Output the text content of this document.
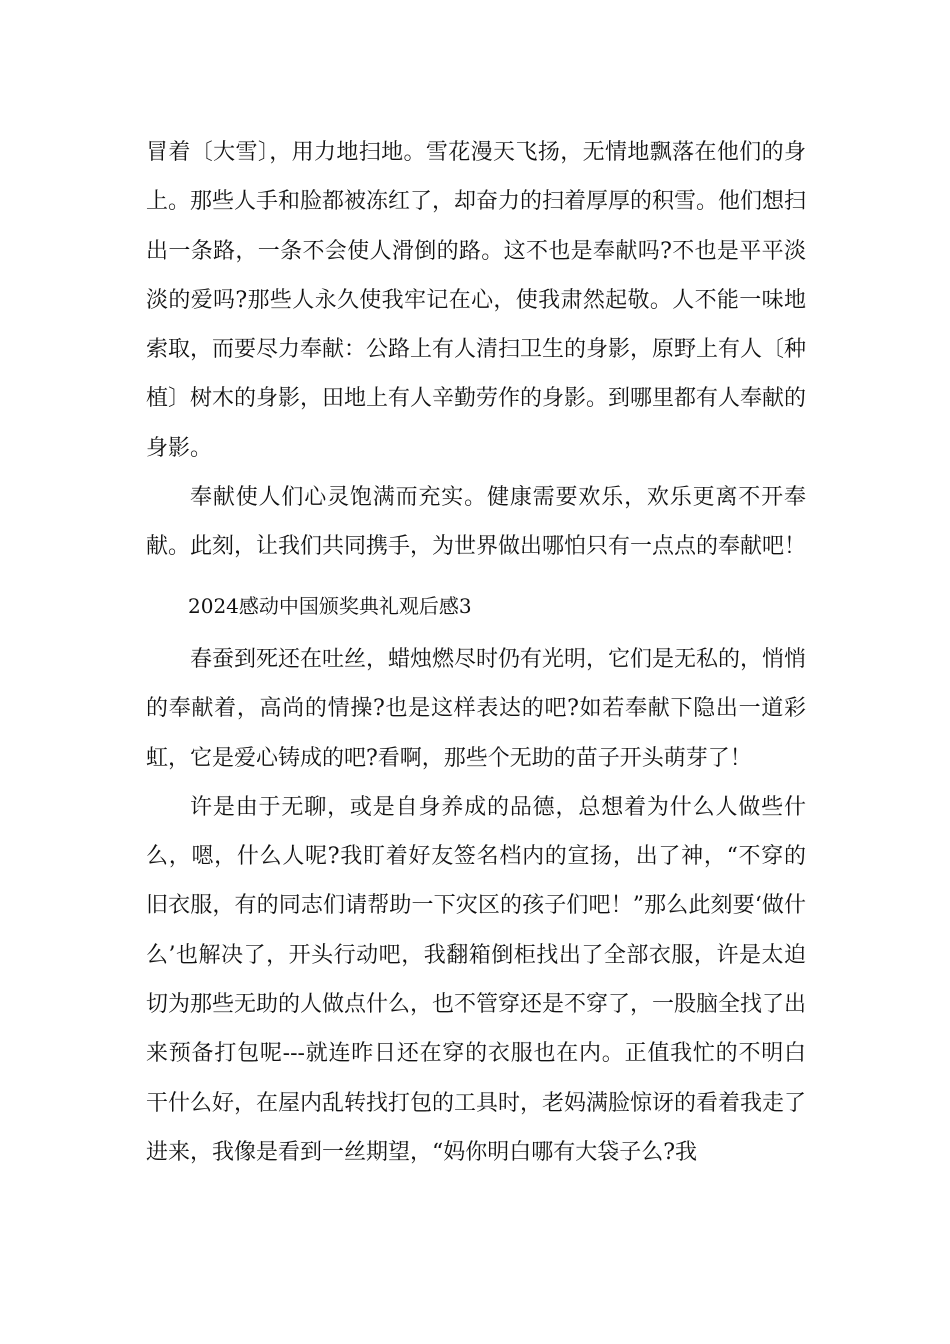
冒着〔大雪〕，用力地扫地。雪花漫天飞扬，无情地飘落在他们的身上。那些人手和脸都被冻红了，却奋力的扫着厚厚的积雪。他们想扫出一条路，一条不会使人滑倒的路。这不也是奉献吗?不也是平平淡淡的爱吗?那些人永久使我牢记在心，使我肃然起敬。人不能一味地索取，而要尽力奉献：公路上有人清扫卫生的身影，原野上有人〔种植〕树木的身影，田地上有人辛勤劳作的身影。到哪里都有人奉献的身影。

奉献使人们心灵饱满而充实。健康需要欢乐，欢乐更离不开奉献。此刻，让我们共同携手，为世界做出哪怕只有一点点的奉献吧！

2024感动中国颁奖典礼观后感3

春蚕到死还在吐丝，蜡烛燃尽时仍有光明，它们是无私的，悄悄的奉献着，高尚的情操?也是这样表达的吧?如若奉献下隐出一道彩虹，它是爱心铸成的吧?看啊，那些个无助的苗子开头萌芽了！

许是由于无聊，或是自身养成的品德，总想着为什么人做些什么，嗯，什么人呢?我盯着好友签名档内的宣扬，出了神，“不穿的旧衣服，有的同志们请帮助一下灾区的孩子们吧！”那么此刻要‘做什么’也解决了，开头行动吧，我翻箱倒柜找出了全部衣服，许是太迫切为那些无助的人做点什么，也不管穿还是不穿了，一股脑全找了出来预备打包呢---就连昨日还在穿的衣服也在内。正值我忙的不明白干什么好，在屋内乱转找打包的工具时，老妈满脸惊讶的看着我走了进来，我像是看到一丝期望，“妈你明白哪有大袋子么?我
